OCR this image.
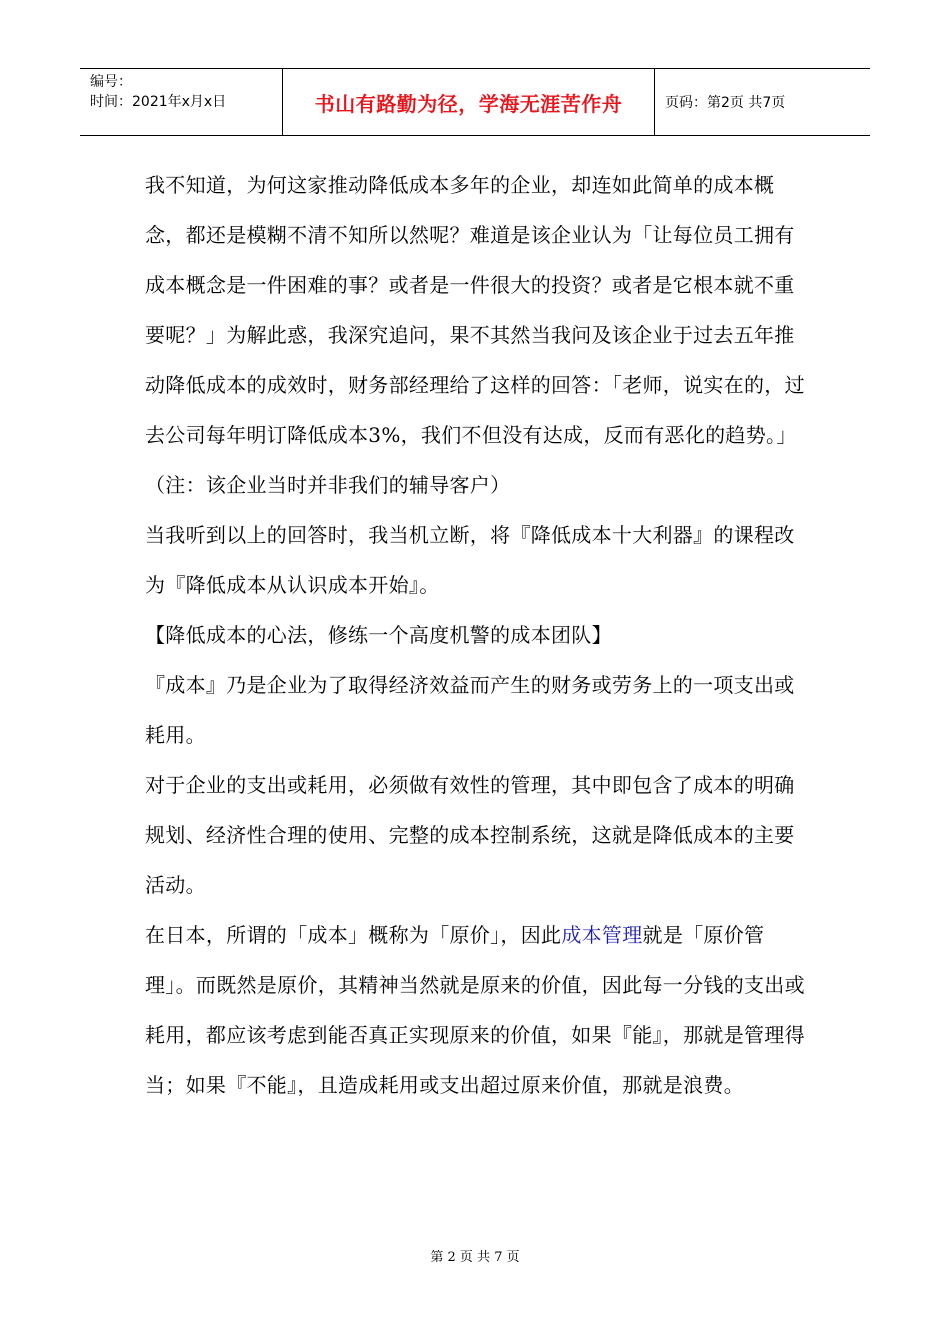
编号：
时间：2021年x月x日	书山有路勤为径，学海无涯苦作舟	页码：第2页 共7页

我不知道，为何这家推动降低成本多年的企业，却连如此简单的成本概念，都还是模糊不清不知所以然呢？难道是该企业认为「让每位员工拥有成本概念是一件困难的事？或者是一件很大的投资？或者是它根本就不重要呢？」为解此惑，我深究追问，果不其然当我问及该企业于过去五年推动降低成本的成效时，财务部经理给了这样的回答：「老师，说实在的，过去公司每年明订降低成本3%，我们不但没有达成，反而有恶化的趋势。」（注：该企业当时并非我们的辅导客户）

当我听到以上的回答时，我当机立断，将『降低成本十大利器』的课程改为『降低成本从认识成本开始』。

【降低成本的心法，修练一个高度机警的成本团队】

『成本』乃是企业为了取得经济效益而产生的财务或劳务上的一项支出或耗用。

对于企业的支出或耗用，必须做有效性的管理，其中即包含了成本的明确规划、经济性合理的使用、完整的成本控制系统，这就是降低成本的主要活动。

在日本，所谓的「成本」概称为「原价」，因此成本管理就是「原价管理」。而既然是原价，其精神当然就是原来的价值，因此每一分钱的支出或耗用，都应该考虑到能否真正实现原来的价值，如果『能』，那就是管理得当；如果『不能』，且造成耗用或支出超过原来价值，那就是浪费。

第 2 页 共 7 页
